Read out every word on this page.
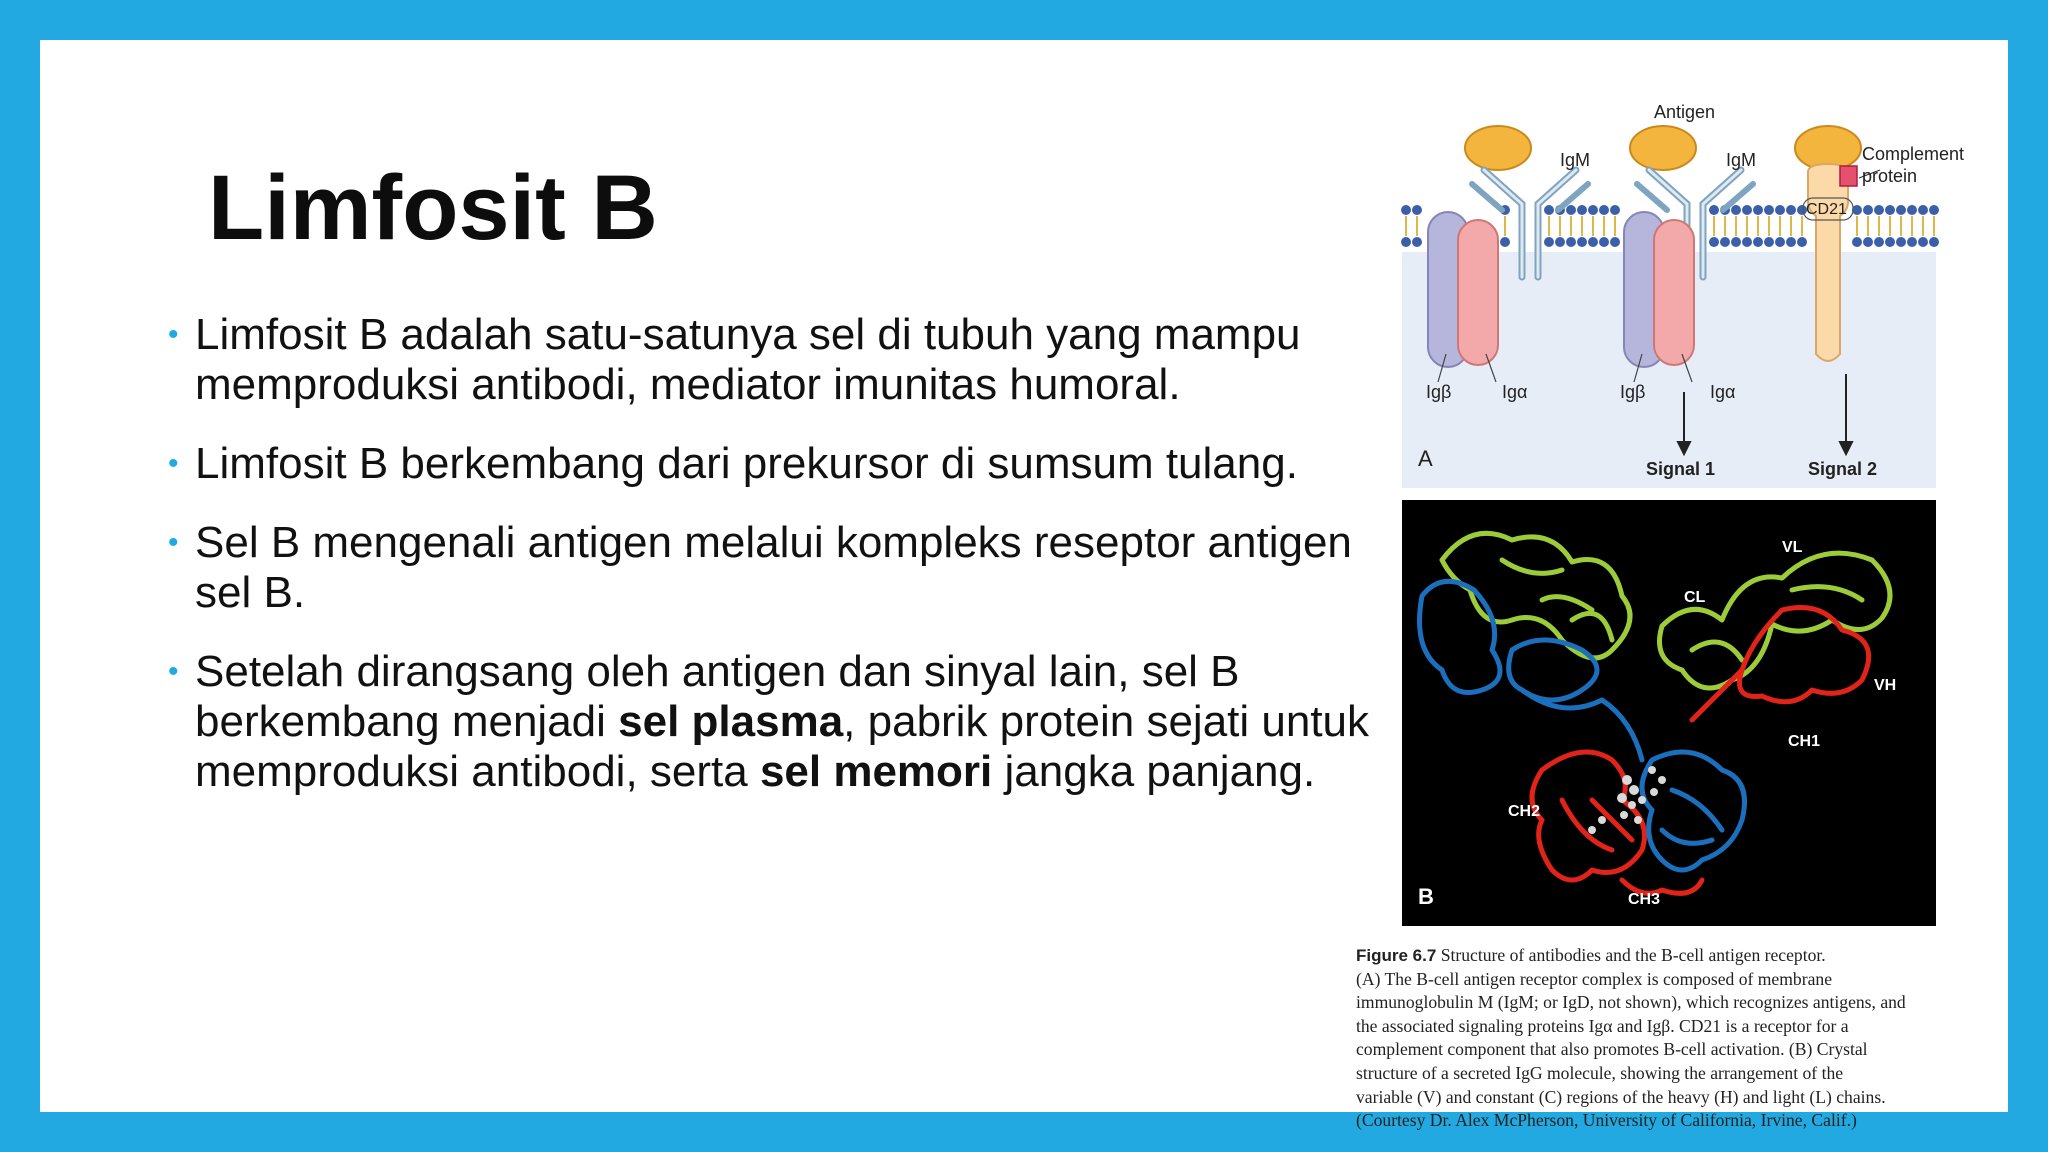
Limfosit B
• Limfosit B adalah satu-satunya sel di tubuh yang mampu memproduksi antibodi, mediator imunitas humoral.
• Limfosit B berkembang dari prekursor di sumsum tulang.
• Sel B mengenali antigen melalui kompleks reseptor antigen sel B.
• Setelah dirangsang oleh antigen dan sinyal lain, sel B berkembang menjadi sel plasma, pabrik protein sejati untuk memproduksi antibodi, serta sel memori jangka panjang.
Antigen
IgM	IgM	Complement
protein
CD21
Igβ	Igα	Igβ	Igα
Signal 1	Signal 2
A
VL
CL
VH
CH1
CH2
CH3
B
Figure 6.7 Structure of antibodies and the B-cell antigen receptor.
(A) The B-cell antigen receptor complex is composed of membrane
immunoglobulin M (IgM; or IgD, not shown), which recognizes antigens, and
the associated signaling proteins Igα and Igβ. CD21 is a receptor for a
complement component that also promotes B-cell activation. (B) Crystal
structure of a secreted IgG molecule, showing the arrangement of the
variable (V) and constant (C) regions of the heavy (H) and light (L) chains.
(Courtesy Dr. Alex McPherson, University of California, Irvine, Calif.)
